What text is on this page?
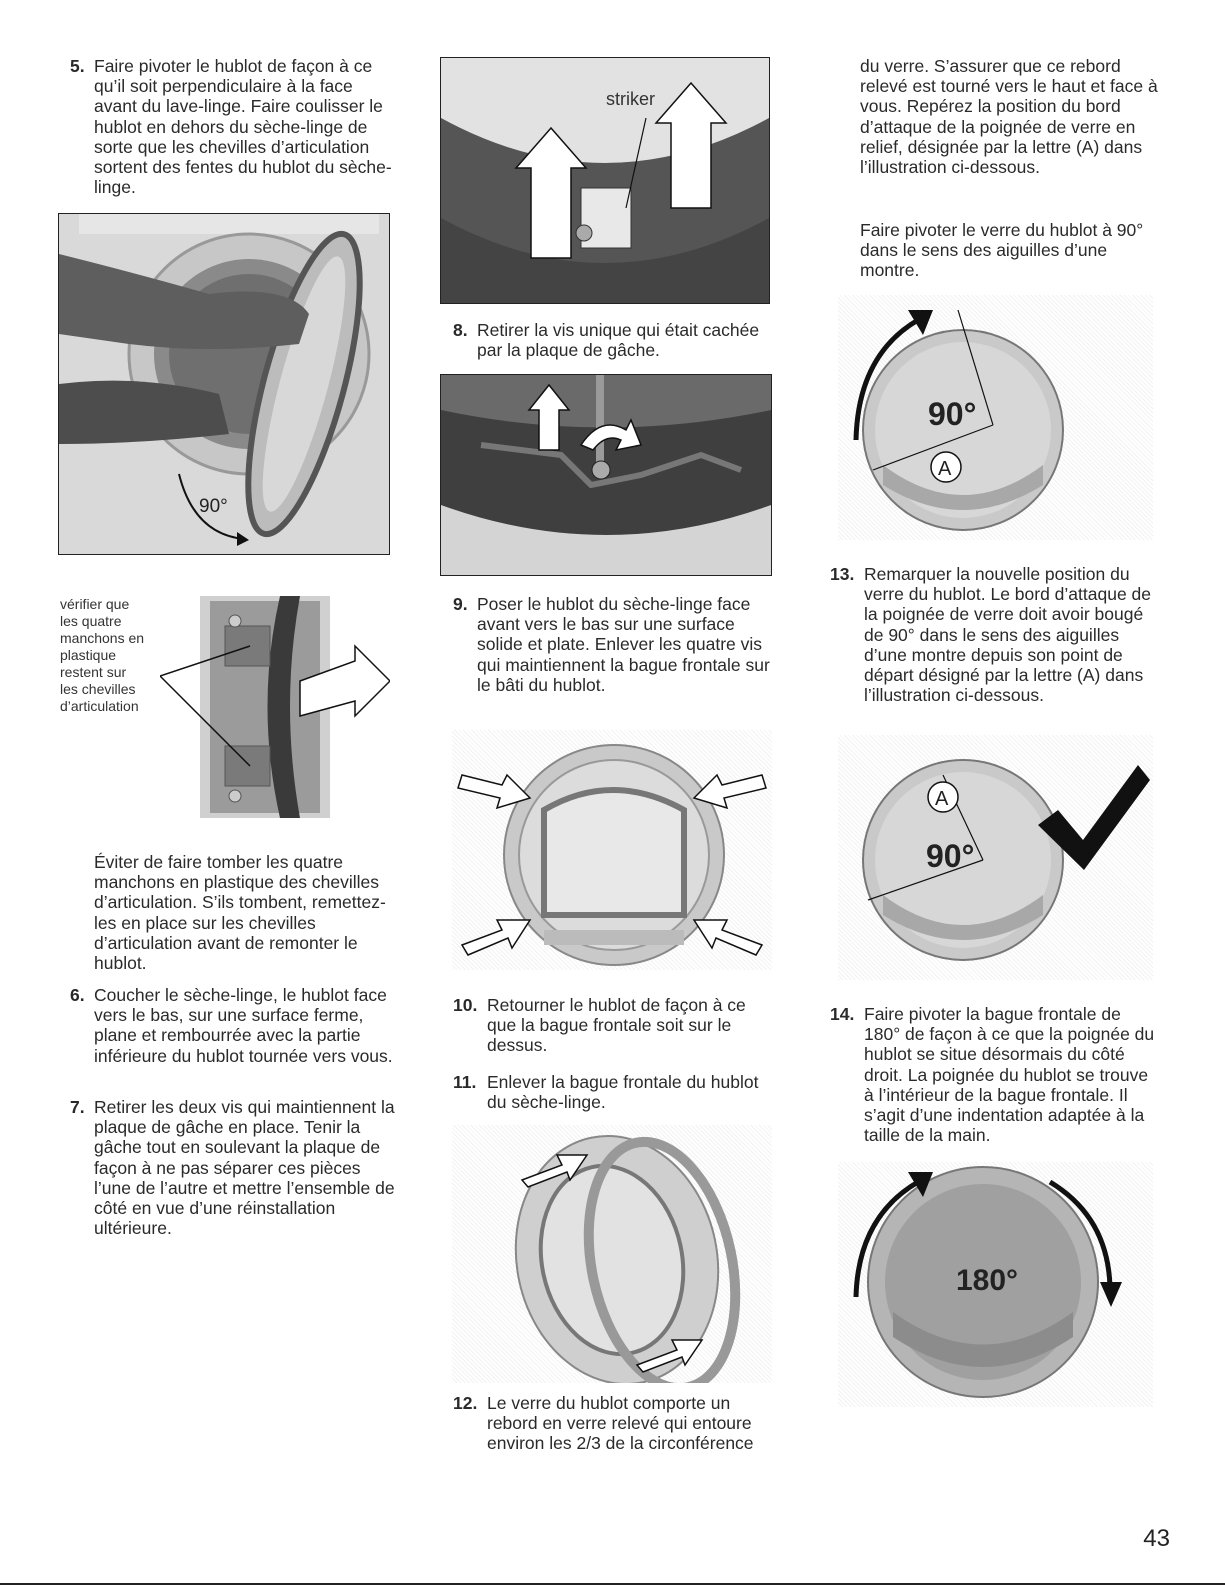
5. Faire pivoter le hublot de façon à ce qu’il soit perpendiculaire à la face avant du lave-linge. Faire coulisser le hublot en dehors du sèche-linge de sorte que les chevilles d’articulation sortent des fentes du hublot du sèche-linge.
90°
vérifier que
les quatre
manchons en
plastique
restent sur
les chevilles
d’articulation

Éviter de faire tomber les quatre manchons en plastique des chevilles d’articulation. S’ils tombent, remettez-les en place sur les chevilles d’articulation avant de remonter le hublot.

6. Coucher le sèche-linge, le hublot face vers le bas, sur une surface ferme, plane et rembourrée avec la partie inférieure du hublot tournée vers vous.
7. Retirer les deux vis qui maintiennent la plaque de gâche en place. Tenir la gâche tout en soulevant la plaque de façon à ne pas séparer ces pièces l’une de l’autre et mettre l’ensemble de côté en vue d’une réinstallation ultérieure.
striker
8. Retirer la vis unique qui était cachée par la plaque de gâche.
9. Poser le hublot du sèche-linge face avant vers le bas sur une surface solide et plate. Enlever les quatre vis qui maintiennent la bague frontale sur le bâti du hublot.
10. Retourner le hublot de façon à ce que la bague frontale soit sur le dessus.
11. Enlever la bague frontale du hublot du sèche-linge.
12. Le verre du hublot comporte un rebord en verre relevé qui entoure environ les 2/3 de la circonférence

du verre. S’assurer que ce rebord relevé est tourné vers le haut et face à vous. Repérez la position du bord d’attaque de la poignée de verre en relief, désignée par la lettre (A) dans l’illustration ci-dessous.

Faire pivoter le verre du hublot à 90° dans le sens des aiguilles d’une montre.

90°
A
13. Remarquer la nouvelle position du verre du hublot. Le bord d’attaque de la poignée de verre doit avoir bougé de 90° dans le sens des aiguilles d’une montre depuis son point de départ désigné par la lettre (A) dans l’illustration ci-dessous.
A
90°
14. Faire pivoter la bague frontale de 180° de façon à ce que la poignée du hublot se situe désormais du côté droit. La poignée du hublot se trouve à l’intérieur de la bague frontale. Il s’agit d’une indentation adaptée à la taille de la main.
180°
43
